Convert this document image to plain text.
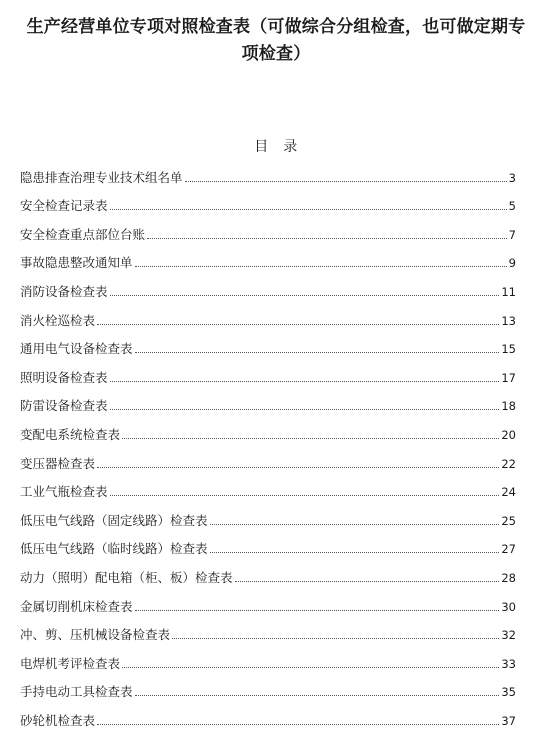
生产经营单位专项对照检查表（可做综合分组检查，也可做定期专项检查）
目　录
隐患排查治理专业技术组名单	3
安全检查记录表	5
安全检查重点部位台账	7
事故隐患整改通知单	9
消防设备检查表	11
消火栓巡检表	13
通用电气设备检查表	15
照明设备检查表	17
防雷设备检查表	18
变配电系统检查表	20
变压器检查表	22
工业气瓶检查表	24
低压电气线路（固定线路）检查表	25
低压电气线路（临时线路）检查表	27
动力（照明）配电箱（柜、板）检查表	28
金属切削机床检查表	30
冲、剪、压机械设备检查表	32
电焊机考评检查表	33
手持电动工具检查表	35
砂轮机检查表	37
